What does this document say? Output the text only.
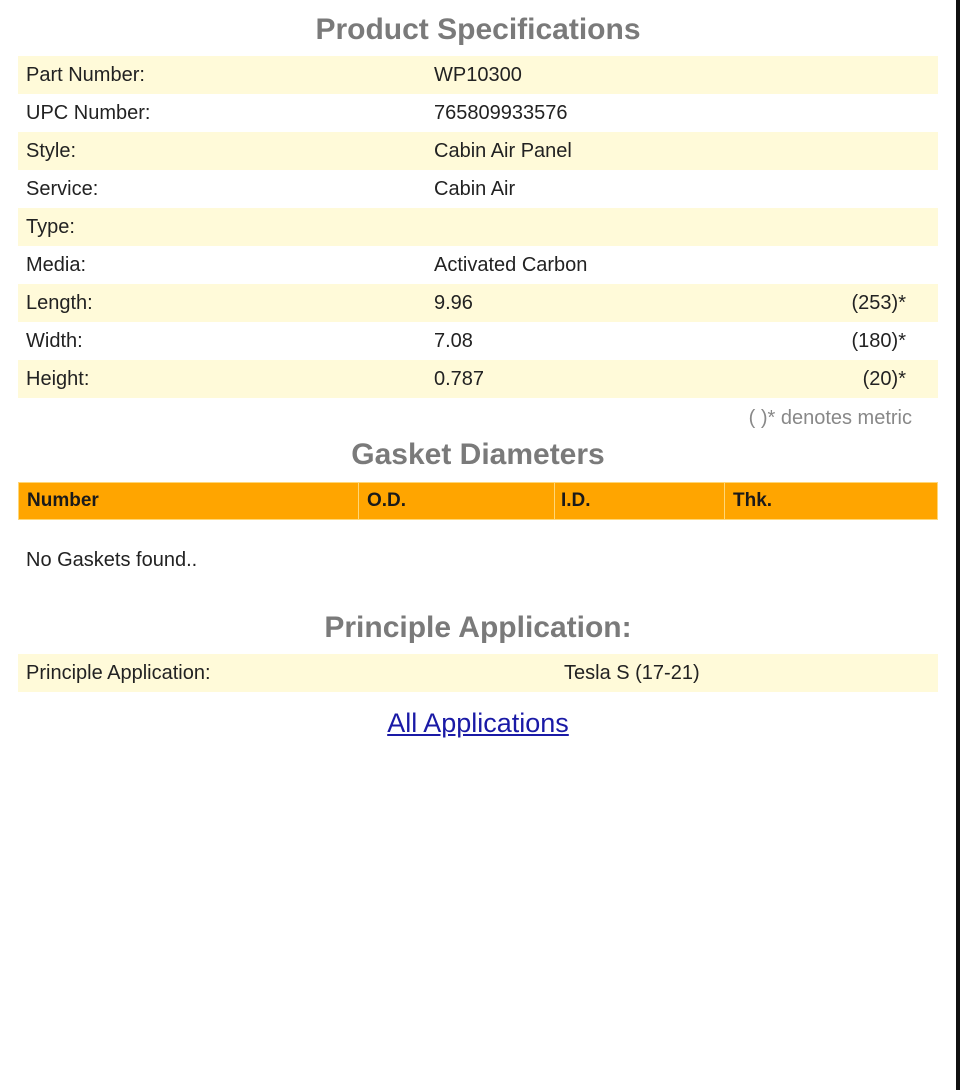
Product Specifications
Part Number:	WP10300	
UPC Number:	765809933576	
Style:	Cabin Air Panel	
Service:	Cabin Air	
Type:		
Media:	Activated Carbon	
Length:	9.96	(253)*
Width:	7.08	(180)*
Height:	0.787	(20)*
( )* denotes metric
Gasket Diameters
Number	O.D.	I.D.	Thk.
No Gaskets found..
Principle Application:
Principle Application:	Tesla S (17-21)
All Applications
